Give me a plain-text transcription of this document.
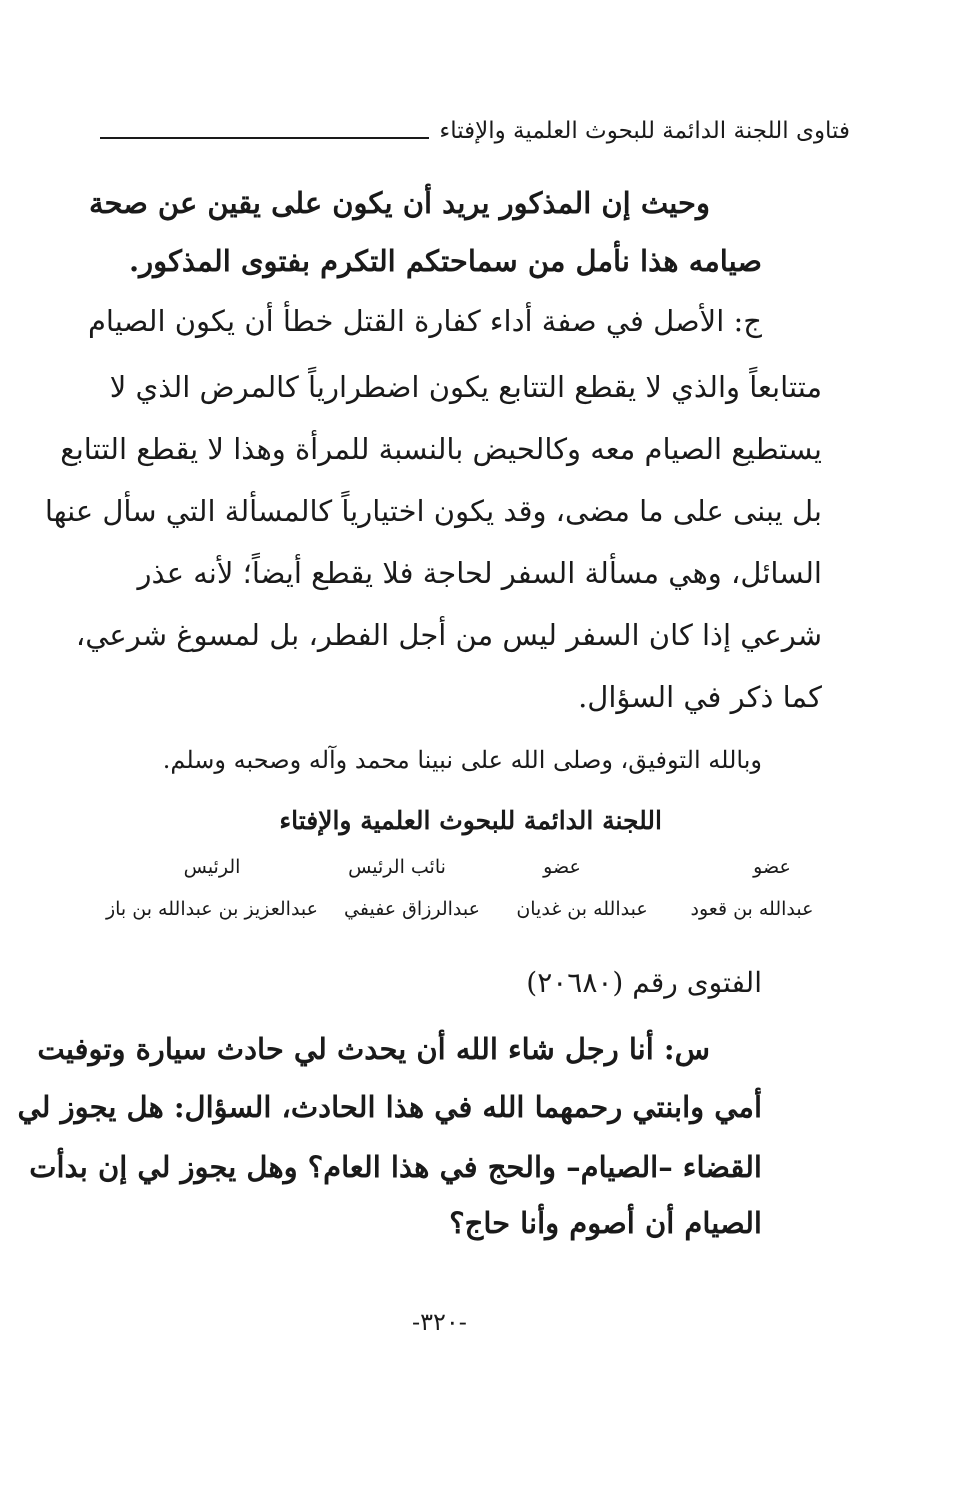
فتاوى اللجنة الدائمة للبحوث العلمية والإفتاء
وحيث إن المذكور يريد أن يكون على يقين عن صحة
صيامه هذا نأمل من سماحتكم التكرم بفتوى المذكور.
ج: الأصل في صفة أداء كفارة القتل خطأ أن يكون الصيام
متتابعاً والذي لا يقطع التتابع يكون اضطرارياً كالمرض الذي لا
يستطيع الصيام معه وكالحيض بالنسبة للمرأة وهذا لا يقطع التتابع
بل يبنى على ما مضى، وقد يكون اختيارياً كالمسألة التي سأل عنها
السائل، وهي مسألة السفر لحاجة فلا يقطع أيضاً؛ لأنه عذر
شرعي إذا كان السفر ليس من أجل الفطر، بل لمسوغ شرعي،
كما ذكر في السؤال.
وبالله التوفيق، وصلى الله على نبينا محمد وآله وصحبه وسلم.
اللجنة الدائمة للبحوث العلمية والإفتاء
عضو
عضو
نائب الرئيس
الرئيس
عبدالله بن قعود
عبدالله بن غديان
عبدالرزاق عفيفي
عبدالعزيز بن عبدالله بن باز
الفتوى رقم (٢٠٦٨٠)
س: أنا رجل شاء الله أن يحدث لي حادث سيارة وتوفيت
أمي وابنتي رحمهما الله في هذا الحادث، السؤال: هل يجوز لي
القضاء –الصيام– والحج في هذا العام؟ وهل يجوز لي إن بدأت
الصيام أن أصوم وأنا حاج؟
-٣٢٠-
